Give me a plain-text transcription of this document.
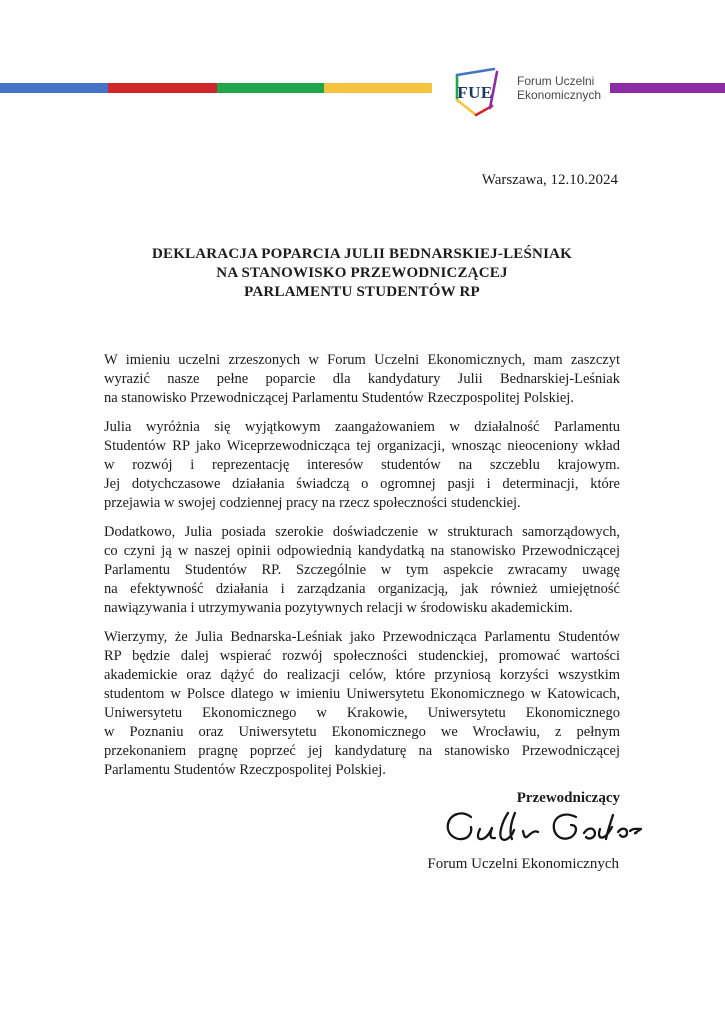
FUE
Forum Uczelni
Ekonomicznych
Warszawa, 12.10.2024
DEKLARACJA POPARCIA JULII BEDNARSKIEJ-LEŚNIAK
NA STANOWISKO PRZEWODNICZĄCEJ
PARLAMENTU STUDENTÓW RP
W imieniu uczelni zrzeszonych w Forum Uczelni Ekonomicznych, mam zaszczyt
wyrazić nasze pełne poparcie dla kandydatury Julii Bednarskiej-Leśniak
na stanowisko Przewodniczącej Parlamentu Studentów Rzeczpospolitej Polskiej.
Julia wyróżnia się wyjątkowym zaangażowaniem w działalność Parlamentu
Studentów RP jako Wiceprzewodnicząca tej organizacji, wnosząc nieoceniony wkład
w rozwój i reprezentację interesów studentów na szczeblu krajowym.
Jej dotychczasowe działania świadczą o ogromnej pasji i determinacji, które
przejawia w swojej codziennej pracy na rzecz społeczności studenckiej.
Dodatkowo, Julia posiada szerokie doświadczenie w strukturach samorządowych,
co czyni ją w naszej opinii odpowiednią kandydatką na stanowisko Przewodniczącej
Parlamentu Studentów RP. Szczególnie w tym aspekcie zwracamy uwagę
na efektywność działania i zarządzania organizacją, jak również umiejętność
nawiązywania i utrzymywania pozytywnych relacji w środowisku akademickim.
Wierzymy, że Julia Bednarska-Leśniak jako Przewodnicząca Parlamentu Studentów
RP będzie dalej wspierać rozwój społeczności studenckiej, promować wartości
akademickie oraz dążyć do realizacji celów, które przyniosą korzyści wszystkim
studentom w Polsce dlatego w imieniu Uniwersytetu Ekonomicznego w Katowicach,
Uniwersytetu Ekonomicznego w Krakowie, Uniwersytetu Ekonomicznego
w Poznaniu oraz Uniwersytetu Ekonomicznego we Wrocławiu, z pełnym
przekonaniem pragnę poprzeć jej kandydaturę na stanowisko Przewodniczącej
Parlamentu Studentów Rzeczpospolitej Polskiej.
Przewodniczący
Forum Uczelni Ekonomicznych
